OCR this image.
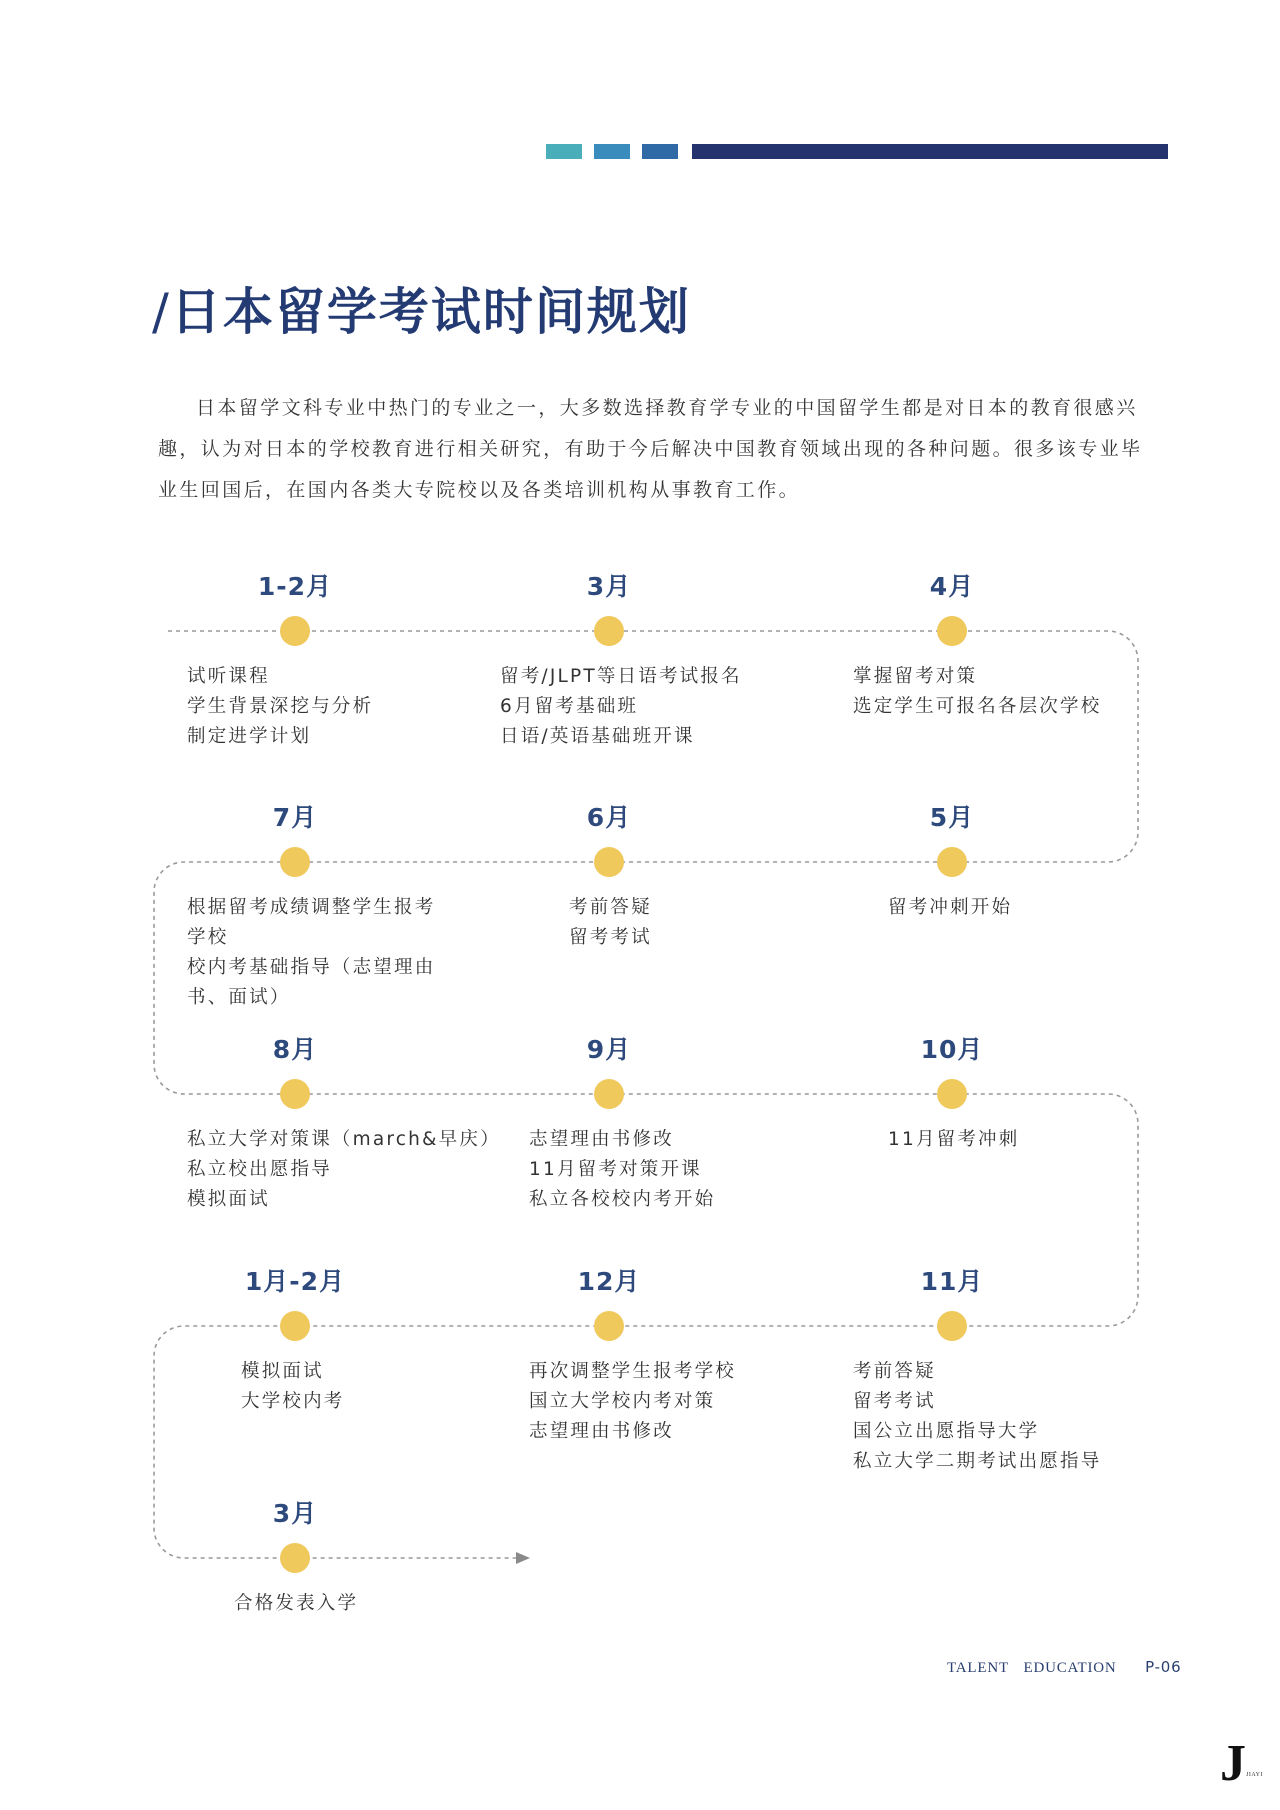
/日本留学考试时间规划

日本留学文科专业中热门的专业之一，大多数选择教育学专业的中国留学生都是对日本的教育很感兴趣，认为对日本的学校教育进行相关研究，有助于今后解决中国教育领域出现的各种问题。很多该专业毕业生回国后，在国内各类大专院校以及各类培训机构从事教育工作。

1-2月
试听课程
学生背景深挖与分析
制定进学计划
3月
留考/JLPT等日语考试报名
6月留考基础班
日语/英语基础班开课
4月
掌握留考对策
选定学生可报名各层次学校
7月
根据留考成绩调整学生报考
学校
校内考基础指导（志望理由
书、面试）
6月
考前答疑
留考考试
5月
留考冲刺开始
8月
私立大学对策课（march&早庆）
私立校出愿指导
模拟面试
9月
志望理由书修改
11月留考对策开课
私立各校校内考开始
10月
11月留考冲刺
1月-2月
模拟面试
大学校内考
12月
再次调整学生报考学校
国立大学校内考对策
志望理由书修改
11月
考前答疑
留考考试
国公立出愿指导大学
私立大学二期考试出愿指导
3月
合格发表入学
TALENT EDUCATION P-06
J JIAYI
